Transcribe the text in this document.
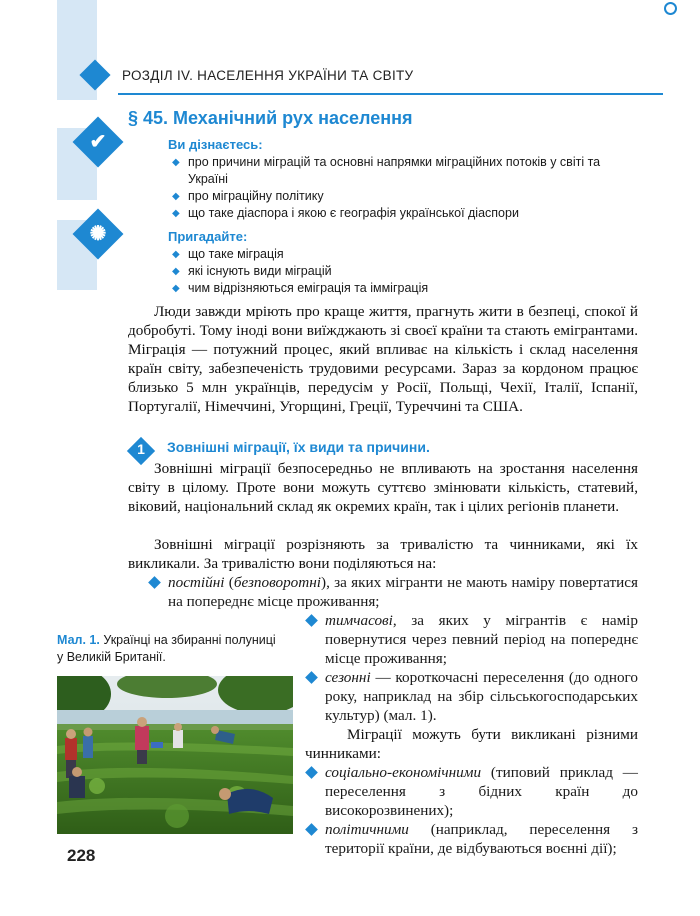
РОЗДІЛ IV. НАСЕЛЕННЯ УКРАЇНИ ТА СВІТУ
§ 45. Механічний рух населення
✔	Ви дізнаєтесь:
◆ про причини міграцій та основні напрямки міграційних потоків у світі та Україні
◆ про міграційну політику
◆ що таке діаспора і якою є географія української діаспори
✺	Пригадайте:
◆ що таке міграція
◆ які існують види міграцій
◆ чим відрізняються еміграція та імміграція
Люди завжди мріють про краще життя, прагнуть жити в безпеці, спокої й добробуті. Тому іноді вони виїжджають зі своєї країни та стають емігрантами. Міграція — потужний процес, який впливає на кількість і склад населення країн світу, забезпеченість трудовими ресурсами. Зараз за кордоном працює близько 5 млн українців, передусім у Росії, Польщі, Чехії, Італії, Іспанії, Португалії, Німеччині, Угорщині, Греції, Туреччині та США.
1	Зовнішні міграції, їх види та причини.
Зовнішні міграції безпосередньо не впливають на зростання населення світу в цілому. Проте вони можуть суттєво змінювати кількість, статевий, віковий, національний склад як окремих країн, так і цілих регіонів планети.
Зовнішні міграції розрізняють за тривалістю та чинниками, які їх викликали. За тривалістю вони поділяються на:
постійні (безповоротні), за яких мігранти не мають наміру повертатися на попереднє місце проживання;
тимчасові, за яких у мігрантів є намір повернутися через певний період на попереднє місце проживання;
сезонні — короткочасні переселення (до одного року, наприклад на збір сільськогосподарських культур) (мал. 1).
Міграції можуть бути викликані різними чинниками:
соціально-економічними (типовий приклад — переселення з бідних країн до високорозвинених);
політичними (наприклад, переселення з території країни, де відбуваються воєнні дії);
Мал. 1. Українці на збиранні полуниці у Великій Британії.
228
